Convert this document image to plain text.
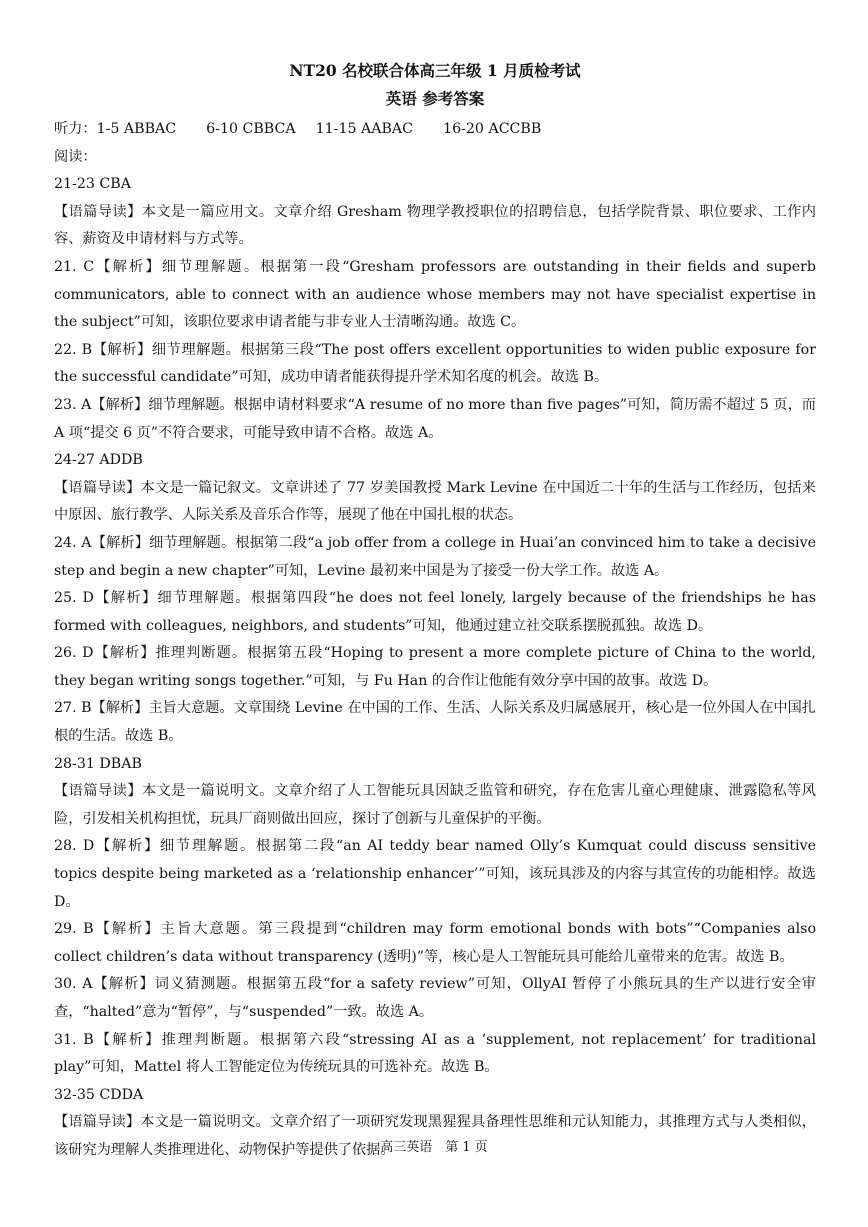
NT20 名校联合体高三年级 1 月质检考试

英语 参考答案

听力：1-5 ABBAC 6-10 CBBCA 11-15 AABAC 16-20 ACCBB

阅读：

21-23 CBA

【语篇导读】本文是一篇应用文。文章介绍 Gresham 物理学教授职位的招聘信息，包括学院背景、职位要求、工作内容、薪资及申请材料与方式等。

21. C【解析】细节理解题。根据第一段“Gresham professors are outstanding in their fields and superb communicators, able to connect with an audience whose members may not have specialist expertise in the subject”可知，该职位要求申请者能与非专业人士清晰沟通。故选 C。

22. B【解析】细节理解题。根据第三段“The post offers excellent opportunities to widen public exposure for the successful candidate”可知，成功申请者能获得提升学术知名度的机会。故选 B。

23. A【解析】细节理解题。根据申请材料要求“A resume of no more than five pages”可知，简历需不超过 5 页，而 A 项“提交 6 页”不符合要求，可能导致申请不合格。故选 A。

24-27 ADDB

【语篇导读】本文是一篇记叙文。文章讲述了 77 岁美国教授 Mark Levine 在中国近二十年的生活与工作经历，包括来中原因、旅行教学、人际关系及音乐合作等，展现了他在中国扎根的状态。

24. A【解析】细节理解题。根据第二段“a job offer from a college in Huai’an convinced him to take a decisive step and begin a new chapter”可知，Levine 最初来中国是为了接受一份大学工作。故选 A。

25. D【解析】细节理解题。根据第四段“he does not feel lonely, largely because of the friendships he has formed with colleagues, neighbors, and students”可知，他通过建立社交联系摆脱孤独。故选 D。

26. D【解析】推理判断题。根据第五段“Hoping to present a more complete picture of China to the world, they began writing songs together.”可知，与 Fu Han 的合作让他能有效分享中国的故事。故选 D。

27. B【解析】主旨大意题。文章围绕 Levine 在中国的工作、生活、人际关系及归属感展开，核心是一位外国人在中国扎根的生活。故选 B。

28-31 DBAB

【语篇导读】本文是一篇说明文。文章介绍了人工智能玩具因缺乏监管和研究，存在危害儿童心理健康、泄露隐私等风险，引发相关机构担忧，玩具厂商则做出回应，探讨了创新与儿童保护的平衡。

28. D【解析】细节理解题。根据第二段“an AI teddy bear named Olly’s Kumquat could discuss sensitive topics despite being marketed as a ‘relationship enhancer’”可知，该玩具涉及的内容与其宣传的功能相悖。故选 D。

29. B【解析】主旨大意题。第三段提到“children may form emotional bonds with bots”“Companies also collect children’s data without transparency (透明)”等，核心是人工智能玩具可能给儿童带来的危害。故选 B。

30. A【解析】词义猜测题。根据第五段“for a safety review”可知，OllyAI 暂停了小熊玩具的生产以进行安全审查，“halted”意为“暂停”，与“suspended”一致。故选 A。

31. B【解析】推理判断题。根据第六段“stressing AI as a ‘supplement, not replacement’ for traditional play”可知，Mattel 将人工智能定位为传统玩具的可选补充。故选 B。

32-35 CDDA

【语篇导读】本文是一篇说明文。文章介绍了一项研究发现黑猩猩具备理性思维和元认知能力，其推理方式与人类相似，该研究为理解人类推理进化、动物保护等提供了依据。

高三英语　第 1 页
